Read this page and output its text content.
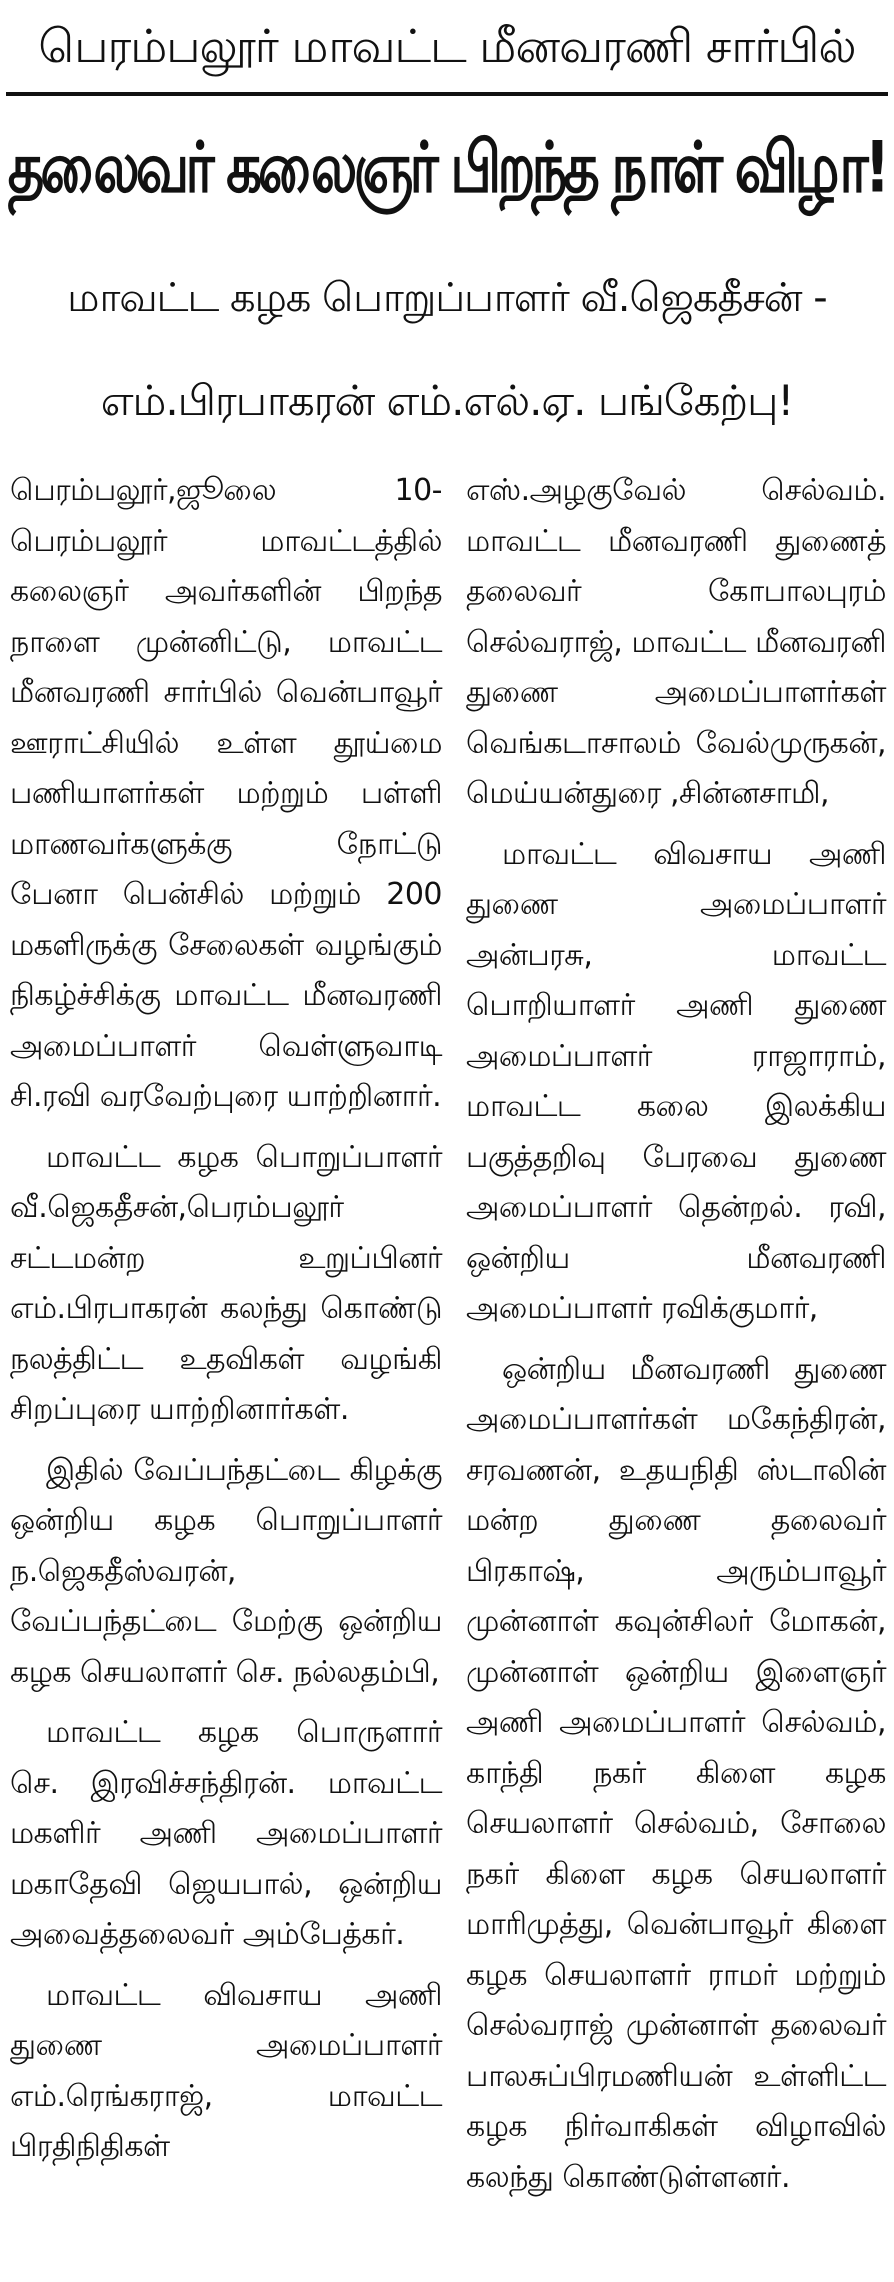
பெரம்பலூர் மாவட்ட மீனவரணி சார்பில்
தலைவர் கலைஞர் பிறந்த நாள் விழா!
மாவட்ட கழக பொறுப்பாளர் வீ.ஜெகதீசன் -
எம்.பிரபாகரன் எம்.எல்.ஏ. பங்கேற்பு!

பெரம்பலூர்,ஜூலை 10- பெரம்பலூர் மாவட்டத்தில் கலைஞர் அவர்களின் பிறந்த நாளை முன்னிட்டு, மாவட்ட மீனவரணி சார்பில் வென்பாவூர் ஊராட்சியில் உள்ள தூய்மை பணியாளர்கள் மற்றும் பள்ளி மாணவர்களுக்கு நோட்டு பேனா பென்சில் மற்றும் 200 மகளிருக்கு சேலைகள் வழங்கும் நிகழ்ச்சிக்கு மாவட்ட மீனவரணி அமைப்பாளர் வெள்ளுவாடி சி.ரவி வரவேற்புரை யாற்றினார்.

மாவட்ட கழக பொறுப்பாளர் வீ.ஜெகதீசன்,பெரம்பலூர் சட்டமன்ற உறுப்பினர் எம்.பிரபாகரன் கலந்து கொண்டு நலத்திட்ட உதவிகள் வழங்கி சிறப்புரை யாற்றினார்கள்.

இதில் வேப்பந்தட்டை கிழக்கு ஒன்றிய கழக பொறுப்பாளர் ந.ஜெகதீஸ்வரன், வேப்பந்தட்டை மேற்கு ஒன்றிய கழக செயலாளர் செ. நல்லதம்பி,

மாவட்ட கழக பொருளார் செ. இரவிச்சந்திரன். மாவட்ட மகளிர் அணி அமைப்பாளர் மகாதேவி ஜெயபால், ஒன்றிய அவைத்தலைவர் அம்பேத்கர்.

மாவட்ட விவசாய அணி துணை அமைப்பாளர் எம்.ரெங்கராஜ், மாவட்ட பிரதிநிதிகள்

எஸ்.அழகுவேல் செல்வம். மாவட்ட மீனவரணி துணைத் தலைவர் கோபாலபுரம் செல்வராஜ், மாவட்ட மீனவரனி துணை அமைப்பாளர்கள் வெங்கடாசாலம் வேல்முருகன், மெய்யன்துரை ,சின்னசாமி,

மாவட்ட விவசாய அணி துணை அமைப்பாளர் அன்பரசு, மாவட்ட பொறியாளர் அணி துணை அமைப்பாளர் ராஜாராம், மாவட்ட கலை இலக்கிய பகுத்தறிவு பேரவை துணை அமைப்பாளர் தென்றல். ரவி, ஒன்றிய மீனவரணி அமைப்பாளர் ரவிக்குமார்,

ஒன்றிய மீனவரணி துணை அமைப்பாளர்கள் மகேந்திரன், சரவணன், உதயநிதி ஸ்டாலின் மன்ற துணை தலைவர் பிரகாஷ், அரும்பாவூர் முன்னாள் கவுன்சிலர் மோகன், முன்னாள் ஒன்றிய இளைஞர் அணி அமைப்பாளர் செல்வம், காந்தி நகர் கிளை கழக செயலாளர் செல்வம், சோலை நகர் கிளை கழக செயலாளர் மாரிமுத்து, வென்பாவூர் கிளை கழக செயலாளர் ராமர் மற்றும் செல்வராஜ் முன்னாள் தலைவர் பாலசுப்பிரமணியன் உள்ளிட்ட கழக நிர்வாகிகள் விழாவில் கலந்து கொண்டுள்ளனர்.
